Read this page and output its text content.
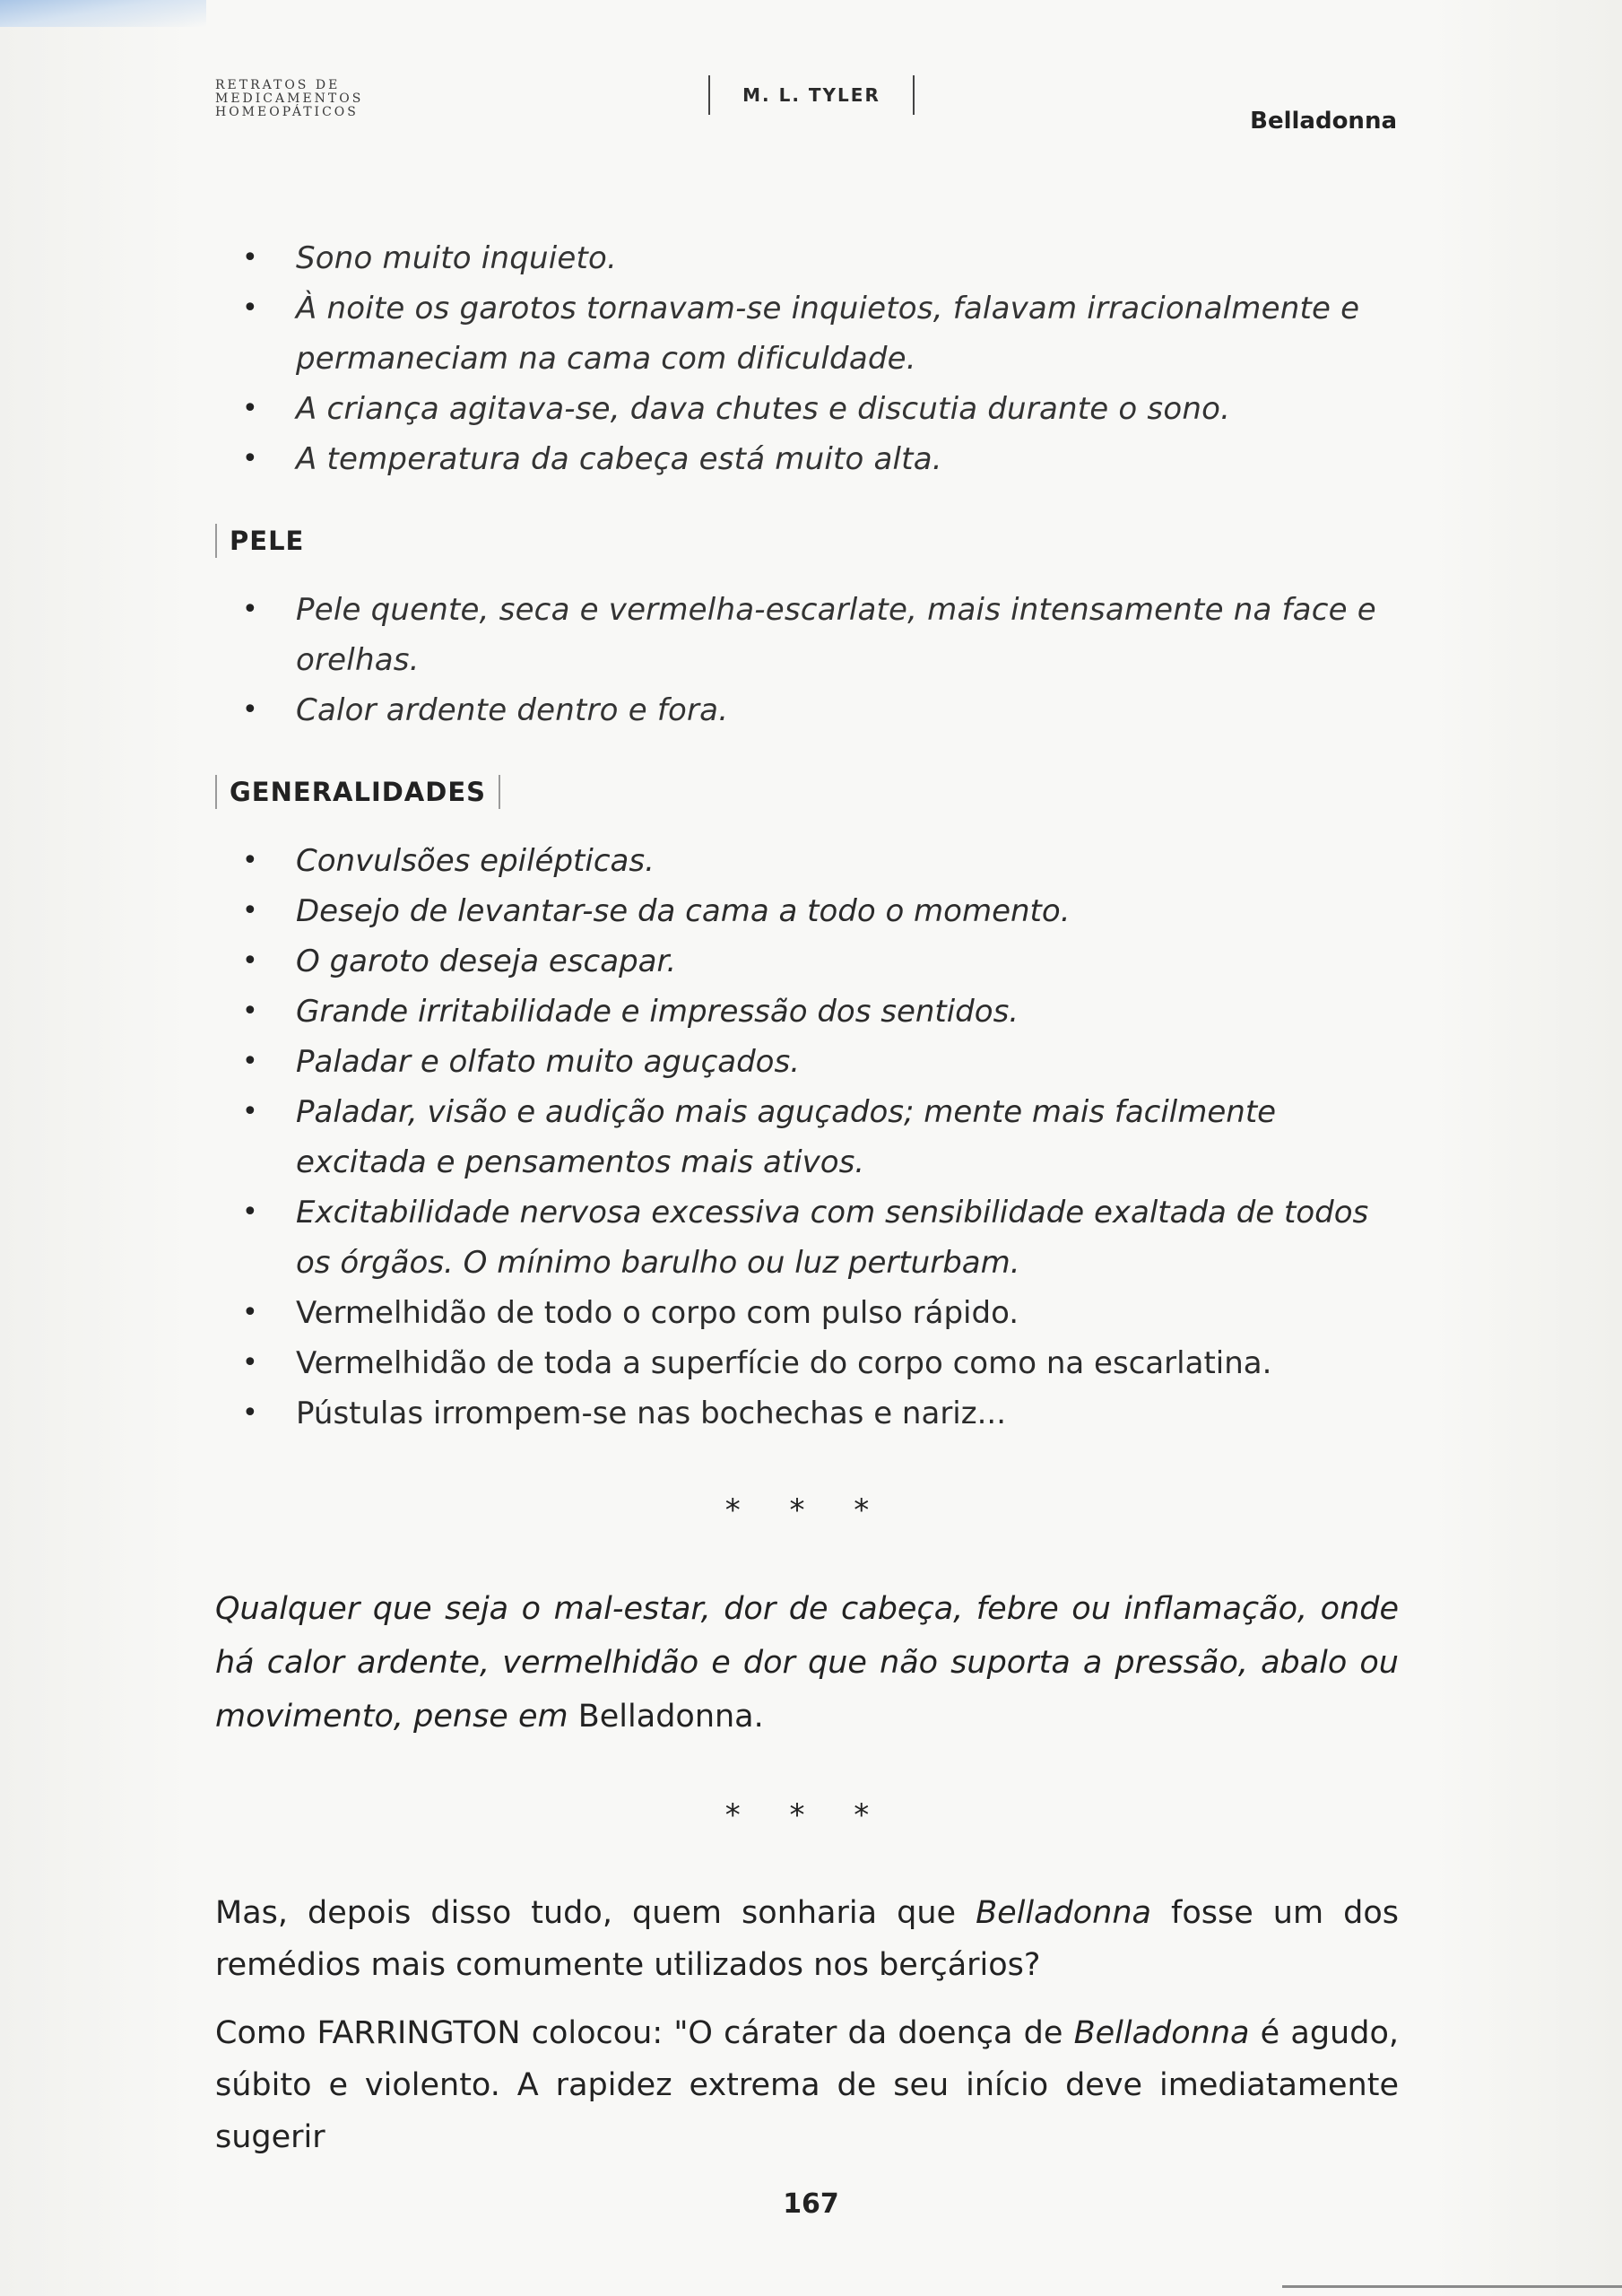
RETRATOS DE
MEDICAMENTOS
HOMEOPÁTICOS
M. L. TYLER
Belladonna
• Sono muito inquieto.
• À noite os garotos tornavam-se inquietos, falavam irracionalmente e permaneciam na cama com dificuldade.
• A criança agitava-se, dava chutes e discutia durante o sono.
• A temperatura da cabeça está muito alta.
PELE
• Pele quente, seca e vermelha-escarlate, mais intensamente na face e orelhas.
• Calor ardente dentro e fora.
GENERALIDADES
• Convulsões epilépticas.
• Desejo de levantar-se da cama a todo o momento.
• O garoto deseja escapar.
• Grande irritabilidade e impressão dos sentidos.
• Paladar e olfato muito aguçados.
• Paladar, visão e audição mais aguçados; mente mais facilmente excitada e pensamentos mais ativos.
• Excitabilidade nervosa excessiva com sensibilidade exaltada de todos os órgãos. O mínimo barulho ou luz perturbam.
• Vermelhidão de todo o corpo com pulso rápido.
• Vermelhidão de toda a superfície do corpo como na escarlatina.
• Pústulas irrompem-se nas bochechas e nariz...
* * *

Qualquer que seja o mal-estar, dor de cabeça, febre ou inflamação, onde há calor ardente, vermelhidão e dor que não suporta a pressão, abalo ou movimento, pense em Belladonna.

* * *

Mas, depois disso tudo, quem sonharia que Belladonna fosse um dos remédios mais comumente utilizados nos berçários?

Como FARRINGTON colocou: "O cárater da doença de Belladonna é agudo, súbito e violento. A rapidez extrema de seu início deve imediatamente sugerir

167
